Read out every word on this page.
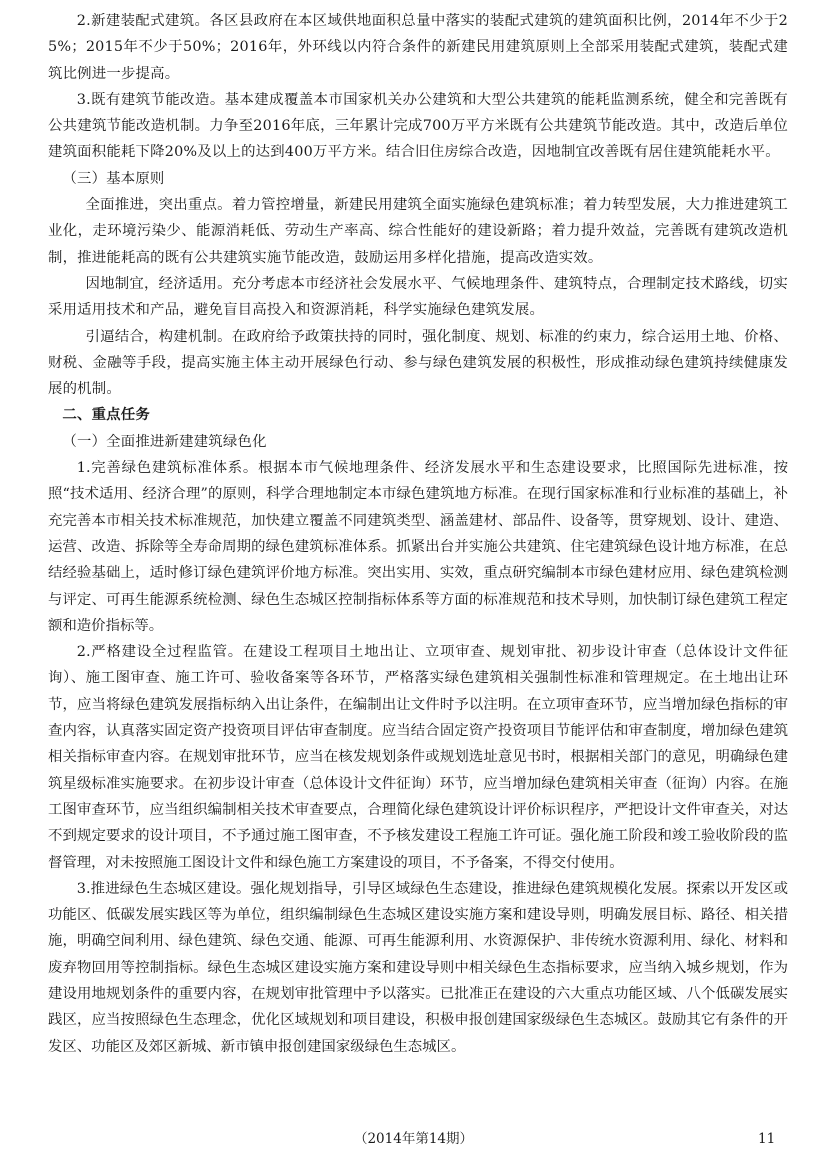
2.新建装配式建筑。各区县政府在本区域供地面积总量中落实的装配式建筑的建筑面积比例，2014年不少于25%；2015年不少于50%；2016年，外环线以内符合条件的新建民用建筑原则上全部采用装配式建筑，装配式建筑比例进一步提高。

3.既有建筑节能改造。基本建成覆盖本市国家机关办公建筑和大型公共建筑的能耗监测系统，健全和完善既有公共建筑节能改造机制。力争至2016年底，三年累计完成700万平方米既有公共建筑节能改造。其中，改造后单位建筑面积能耗下降20%及以上的达到400万平方米。结合旧住房综合改造，因地制宜改善既有居住建筑能耗水平。

（三）基本原则

全面推进，突出重点。着力管控增量，新建民用建筑全面实施绿色建筑标准；着力转型发展，大力推进建筑工业化，走环境污染少、能源消耗低、劳动生产率高、综合性能好的建设新路；着力提升效益，完善既有建筑改造机制，推进能耗高的既有公共建筑实施节能改造，鼓励运用多样化措施，提高改造实效。

因地制宜，经济适用。充分考虑本市经济社会发展水平、气候地理条件、建筑特点，合理制定技术路线，切实采用适用技术和产品，避免盲目高投入和资源消耗，科学实施绿色建筑发展。

引逼结合，构建机制。在政府给予政策扶持的同时，强化制度、规划、标准的约束力，综合运用土地、价格、财税、金融等手段，提高实施主体主动开展绿色行动、参与绿色建筑发展的积极性，形成推动绿色建筑持续健康发展的机制。

二、重点任务

（一）全面推进新建建筑绿色化

1.完善绿色建筑标准体系。根据本市气候地理条件、经济发展水平和生态建设要求，比照国际先进标准，按照“技术适用、经济合理”的原则，科学合理地制定本市绿色建筑地方标准。在现行国家标准和行业标准的基础上，补充完善本市相关技术标准规范，加快建立覆盖不同建筑类型、涵盖建材、部品件、设备等，贯穿规划、设计、建造、运营、改造、拆除等全寿命周期的绿色建筑标准体系。抓紧出台并实施公共建筑、住宅建筑绿色设计地方标准，在总结经验基础上，适时修订绿色建筑评价地方标准。突出实用、实效，重点研究编制本市绿色建材应用、绿色建筑检测与评定、可再生能源系统检测、绿色生态城区控制指标体系等方面的标准规范和技术导则，加快制订绿色建筑工程定额和造价指标等。

2.严格建设全过程监管。在建设工程项目土地出让、立项审查、规划审批、初步设计审查（总体设计文件征询）、施工图审查、施工许可、验收备案等各环节，严格落实绿色建筑相关强制性标准和管理规定。在土地出让环节，应当将绿色建筑发展指标纳入出让条件，在编制出让文件时予以注明。在立项审查环节，应当增加绿色指标的审查内容，认真落实固定资产投资项目评估审查制度。应当结合固定资产投资项目节能评估和审查制度，增加绿色建筑相关指标审查内容。在规划审批环节，应当在核发规划条件或规划选址意见书时，根据相关部门的意见，明确绿色建筑星级标准实施要求。在初步设计审查（总体设计文件征询）环节，应当增加绿色建筑相关审查（征询）内容。在施工图审查环节，应当组织编制相关技术审查要点，合理简化绿色建筑设计评价标识程序，严把设计文件审查关，对达不到规定要求的设计项目，不予通过施工图审查，不予核发建设工程施工许可证。强化施工阶段和竣工验收阶段的监督管理，对未按照施工图设计文件和绿色施工方案建设的项目，不予备案，不得交付使用。

3.推进绿色生态城区建设。强化规划指导，引导区域绿色生态建设，推进绿色建筑规模化发展。探索以开发区或功能区、低碳发展实践区等为单位，组织编制绿色生态城区建设实施方案和建设导则，明确发展目标、路径、相关措施，明确空间利用、绿色建筑、绿色交通、能源、可再生能源利用、水资源保护、非传统水资源利用、绿化、材料和废弃物回用等控制指标。绿色生态城区建设实施方案和建设导则中相关绿色生态指标要求，应当纳入城乡规划，作为建设用地规划条件的重要内容，在规划审批管理中予以落实。已批准正在建设的六大重点功能区域、八个低碳发展实践区，应当按照绿色生态理念，优化区域规划和项目建设，积极申报创建国家级绿色生态城区。鼓励其它有条件的开发区、功能区及郊区新城、新市镇申报创建国家级绿色生态城区。

（2014年第14期）	11
